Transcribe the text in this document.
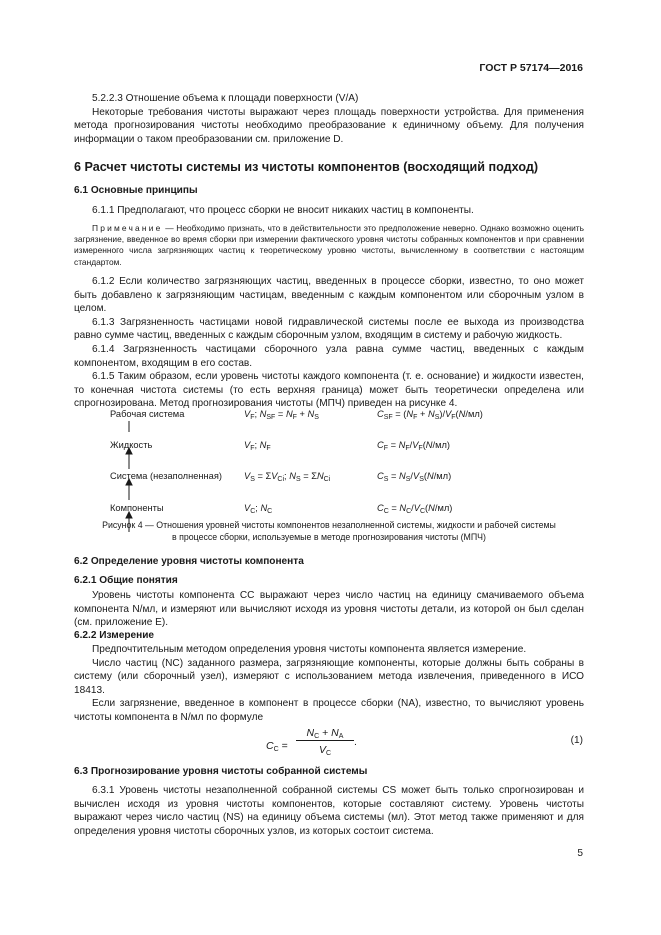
ГОСТ Р 57174—2016

5.2.2.3 Отношение объема к площади поверхности (V/A)

Некоторые требования чистоты выражают через площадь поверхности устройства. Для применения метода прогнозирования чистоты необходимо преобразование к единичному объему. Для получения информации о таком преобразовании см. приложение D.

6 Расчет чистоты системы из чистоты компонентов (восходящий подход)
6.1 Основные принципы

6.1.1 Предполагают, что процесс сборки не вносит никаких частиц в компоненты.

Примечание — Необходимо признать, что в действительности это предположение неверно. Однако возможно оценить загрязнение, введенное во время сборки при измерении фактического уровня чистоты собранных компонентов и при сравнении измеренного числа загрязняющих частиц к теоретическому уровню чистоты, вычисленному в соответствии с настоящим стандартом.

6.1.2 Если количество загрязняющих частиц, введенных в процессе сборки, известно, то оно может быть добавлено к загрязняющим частицам, введенным с каждым компонентом или сборочным узлом в целом.

6.1.3 Загрязненность частицами новой гидравлической системы после ее выхода из производства равно сумме частиц, введенных с каждым сборочным узлом, входящим в систему и рабочую жидкость.

6.1.4 Загрязненность частицами сборочного узла равна сумме частиц, введенных с каждым компонентом, входящим в его состав.

6.1.5 Таким образом, если уровень чистоты каждого компонента (т. е. основание) и жидкости известен, то конечная чистота системы (то есть верхняя граница) может быть теоретически определена или спрогнозирована. Метод прогнозирования чистоты (МПЧ) приведен на рисунке 4.

Рабочая система	$V_F$; $N_{SF} = N_F + N_S$	$C_{SF} = (N_F + N_S)/V_F(N/мл)$
Жидкость	$V_F$; $N_F$	$C_F = N_F/V_F(N/мл)$
Система (незаполненная) $V_S = \Sigma V_{Ci}$; $N_S = \Sigma N_{Ci}$	$C_S = N_S/V_S(N/мл)$
Компоненты	$V_C$; $N_C$	$C_C = N_C/V_C(N/мл)$
Рисунок 4 — Отношения уровней чистоты компонентов незаполненной системы, жидкости и рабочей системы
в процессе сборки, используемые в методе прогнозирования чистоты (МПЧ)
6.2 Определение уровня чистоты компонента
6.2.1 Общие понятия

Уровень чистоты компонента CC выражают через число частиц на единицу смачиваемого объема компонента N/мл, и измеряют или вычисляют исходя из уровня чистоты детали, из которой он был сделан (см. приложение E).

6.2.2 Измерение

Предпочтительным методом определения уровня чистоты компонента является измерение.

Число частиц (NC) заданного размера, загрязняющие компоненты, которые должны быть собраны в систему (или сборочный узел), измеряют с использованием метода извлечения, приведенного в ИСО 18413.

Если загрязнение, введенное в компонент в процессе сборки (NA), известно, то вычисляют уровень чистоты компонента в N/мл по формуле

$C_C$ =
$N_C + N_A$
$V_C$
.	(1)
6.3 Прогнозирование уровня чистоты собранной системы

6.3.1 Уровень чистоты незаполненной собранной системы CS может быть только спрогнозирован и вычислен исходя из уровня чистоты компонентов, которые составляют систему. Уровень чистоты выражают через число частиц (NS) на единицу объема системы (мл). Этот метод также применяют и для определения уровня чистоты сборочных узлов, из которых состоит система.

5
